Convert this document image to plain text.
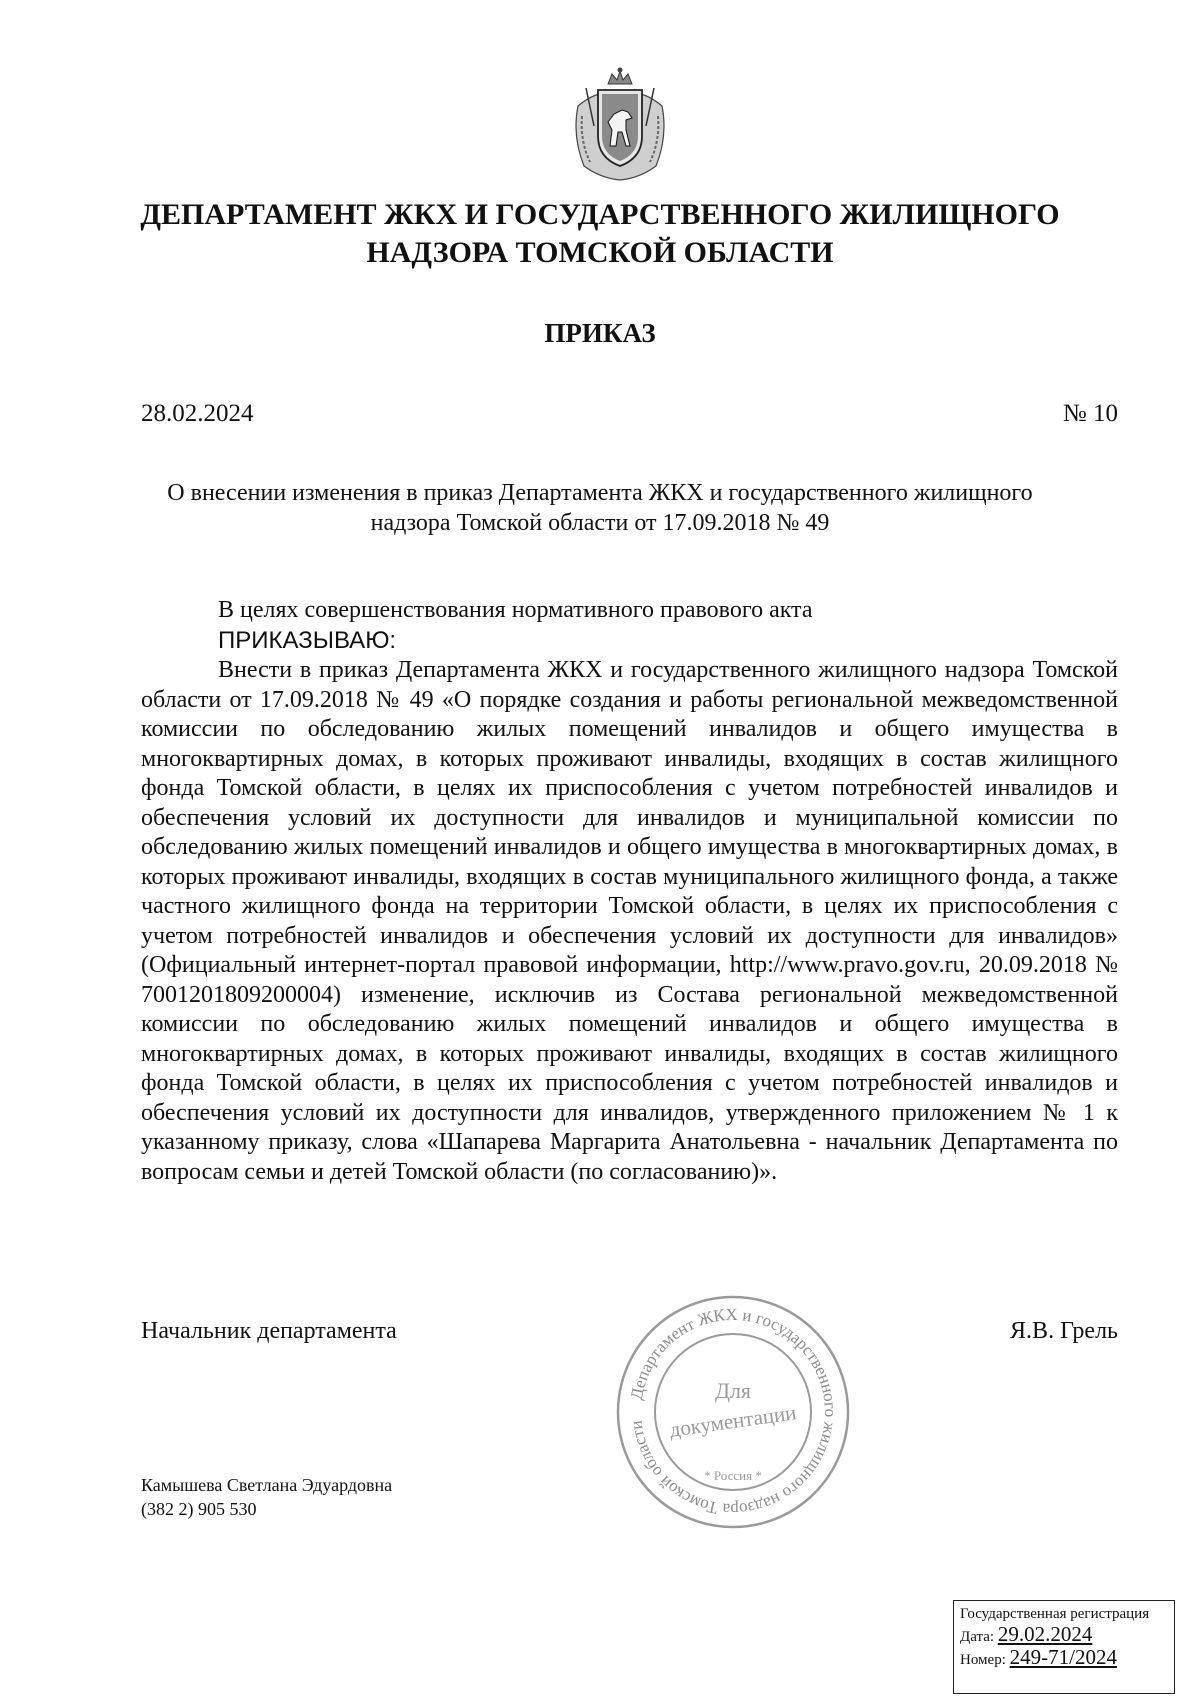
ДЕПАРТАМЕНТ ЖКХ И ГОСУДАРСТВЕННОГО ЖИЛИЩНОГО
НАДЗОРА ТОМСКОЙ ОБЛАСТИ
ПРИКАЗ
28.02.2024	№ 10
О внесении изменения в приказ Департамента ЖКХ и государственного жилищного
надзора Томской области от 17.09.2018 № 49

В целях совершенствования нормативного правового акта

ПРИКАЗЫВАЮ:

Внести в приказ Департамента ЖКХ и государственного жилищного надзора Томской области от 17.09.2018 № 49 «О порядке создания и работы региональной межведомственной комиссии по обследованию жилых помещений инвалидов и общего имущества в многоквартирных домах, в которых проживают инвалиды, входящих в состав жилищного фонда Томской области, в целях их приспособления с учетом потребностей инвалидов и обеспечения условий их доступности для инвалидов и муниципальной комиссии по обследованию жилых помещений инвалидов и общего имущества в многоквартирных домах, в которых проживают инвалиды, входящих в состав муниципального жилищного фонда, а также частного жилищного фонда на территории Томской области, в целях их приспособления с учетом потребностей инвалидов и обеспечения условий их доступности для инвалидов» (Официальный интернет-портал правовой информации, http://www.pravo.gov.ru, 20.09.2018 № 7001201809200004) изменение, исключив из Состава региональной межведомственной комиссии по обследованию жилых помещений инвалидов и общего имущества в многоквартирных домах, в которых проживают инвалиды, входящих в состав жилищного фонда Томской области, в целях их приспособления с учетом потребностей инвалидов и обеспечения условий их доступности для инвалидов, утвержденного приложением № 1 к указанному приказу, слова «Шапарева Маргарита Анатольевна - начальник Департамента по вопросам семьи и детей Томской области (по согласованию)».

Начальник департамента	Я.В. Грель
Департамент ЖКХ и государственного жилищного надзора Томской области
Для
документации
* Россия *
Камышева Светлана Эдуардовна
(382 2) 905 530
Государственная регистрация
Дата: 29.02.2024
Номер: 249-71/2024
